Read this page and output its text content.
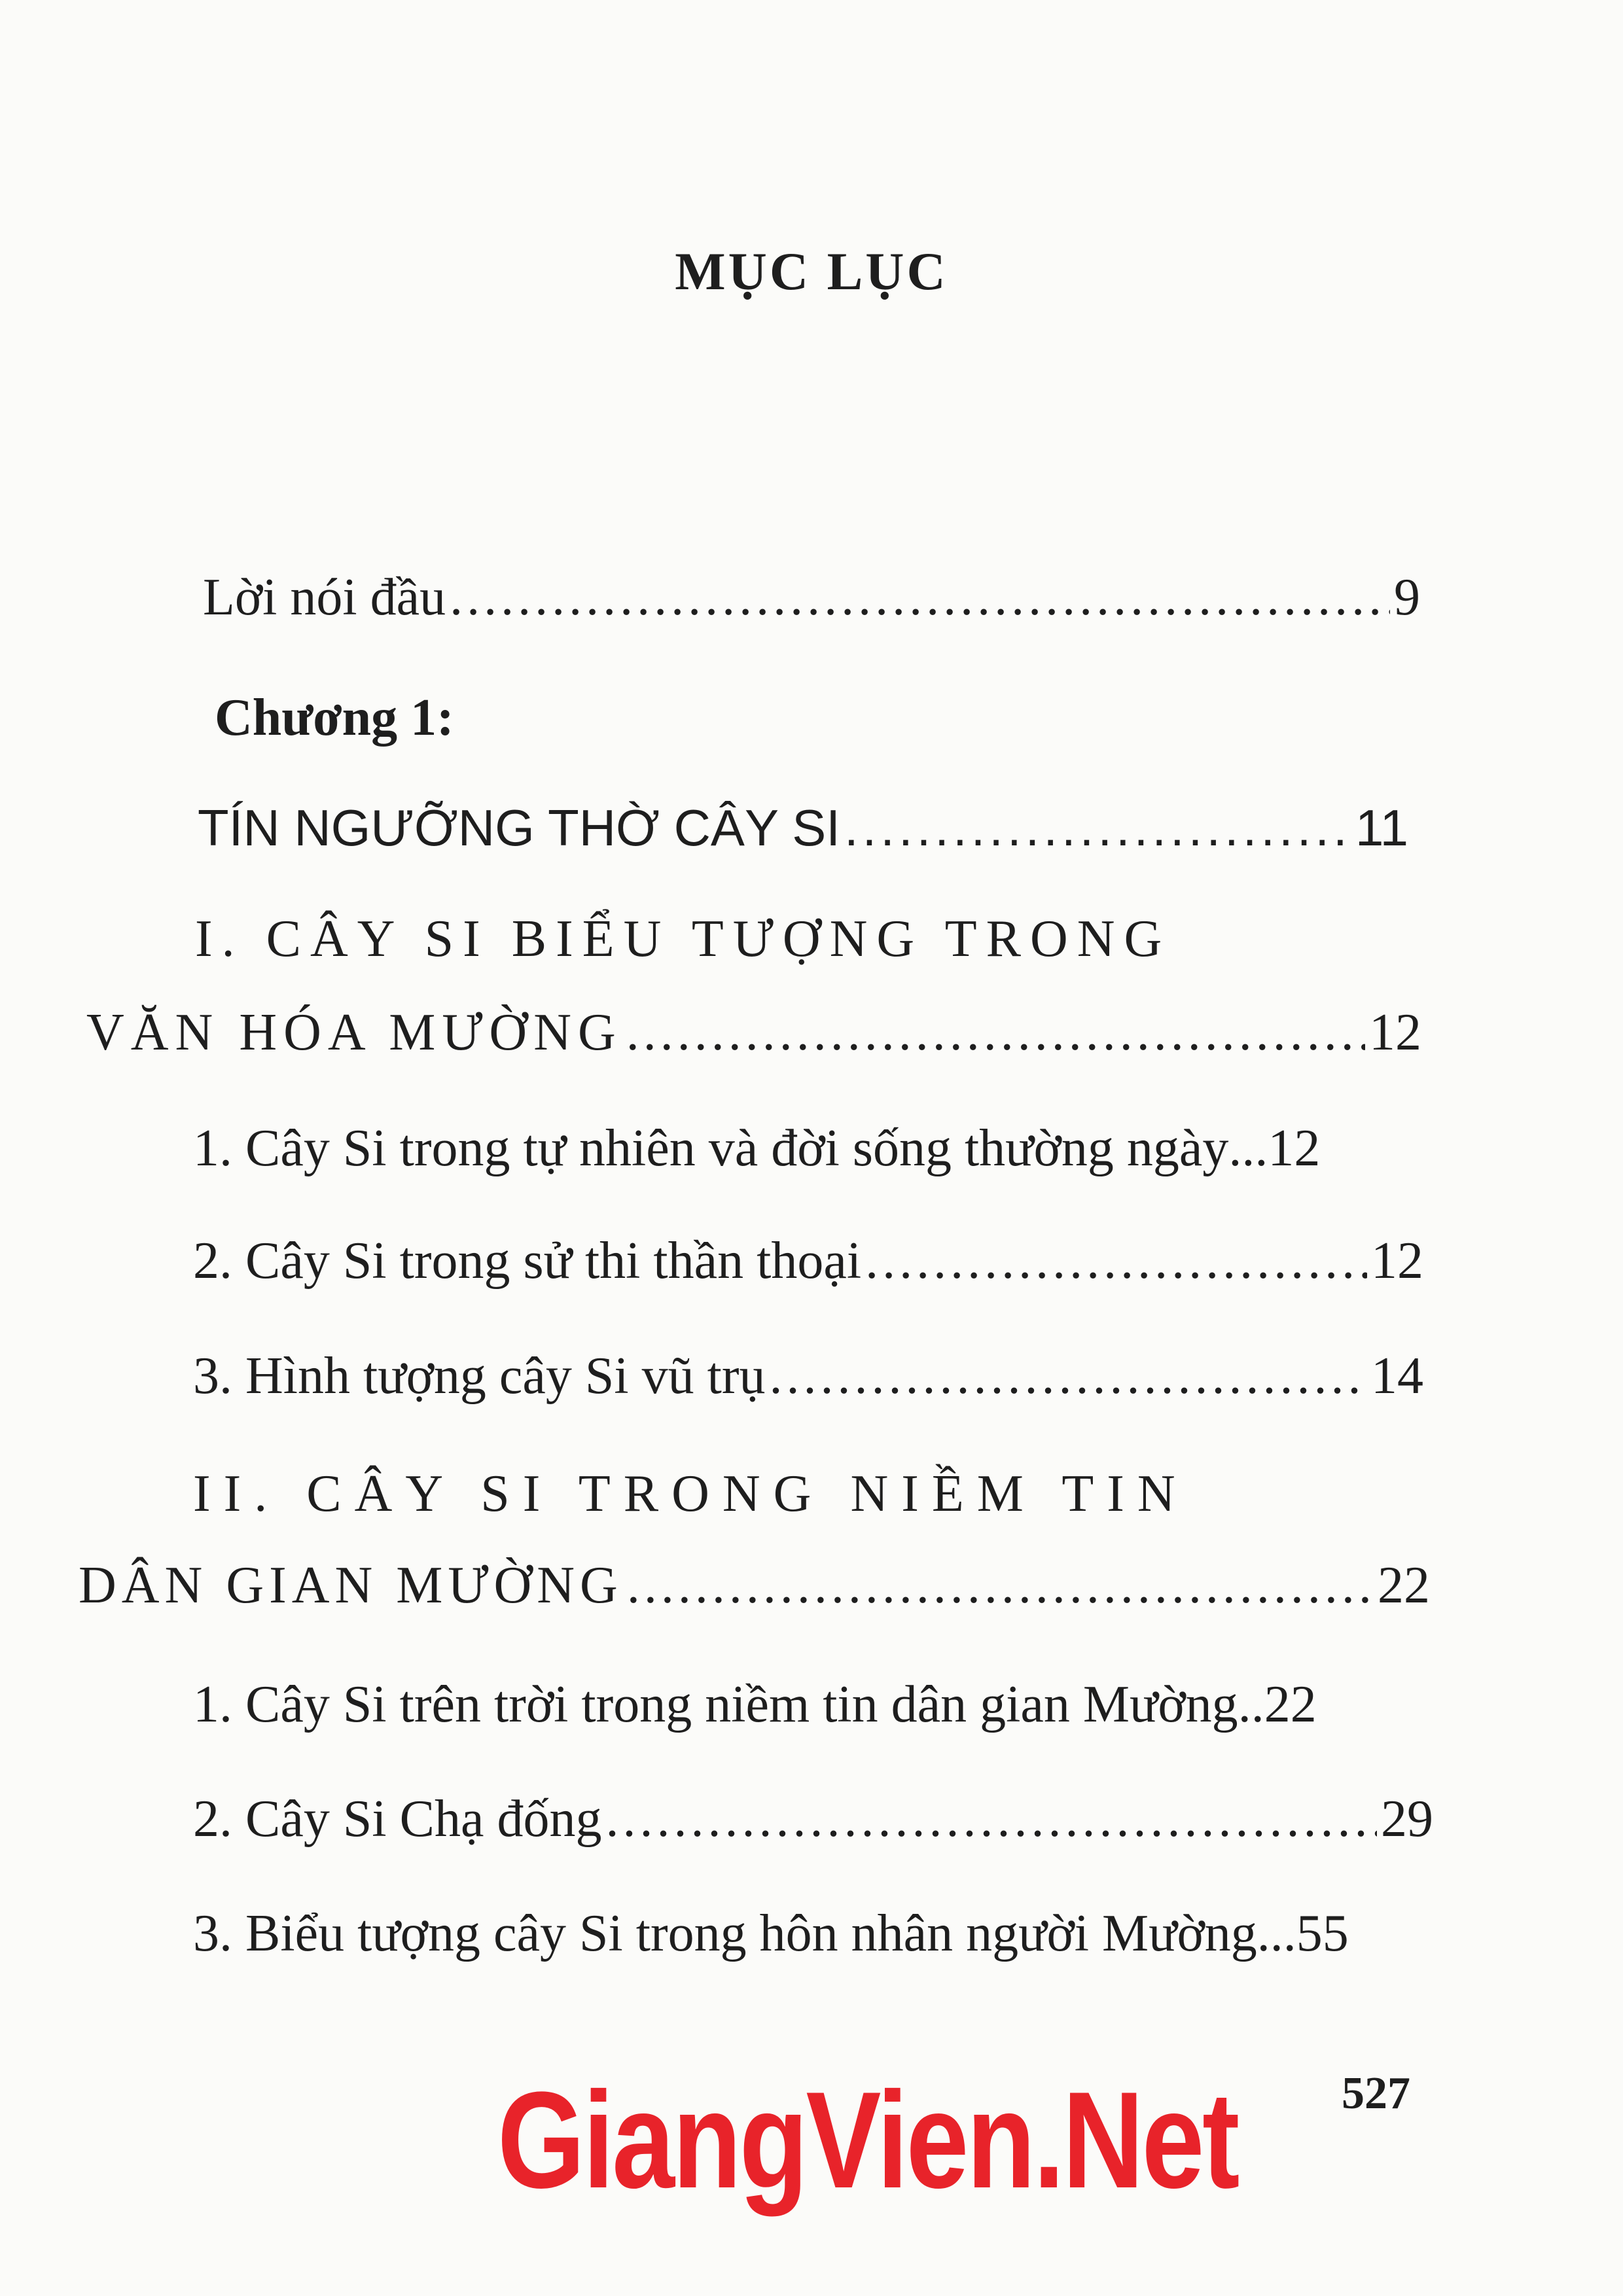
MỤC LỤC
Lời nói đầu .....	9
Chương 1:
TÍN NGƯỠNG THỜ CÂY SI .....	11
I. CÂY SI BIỂU TƯỢNG TRONG
VĂN HÓA MƯỜNG .....	12
1. Cây Si trong tự nhiên và đời sống thường ngày ...12
2. Cây Si trong sử thi thần thoại .....	12
3. Hình tượng cây Si vũ trụ .....	14
II. CÂY SI TRONG NIỀM TIN
DÂN GIAN MƯỜNG .....	22
1. Cây Si trên trời trong niềm tin dân gian Mường ..22
2. Cây Si Chạ đống .....	29
3. Biểu tượng cây Si trong hôn nhân người Mường ...55
527
GiangVien.Net
